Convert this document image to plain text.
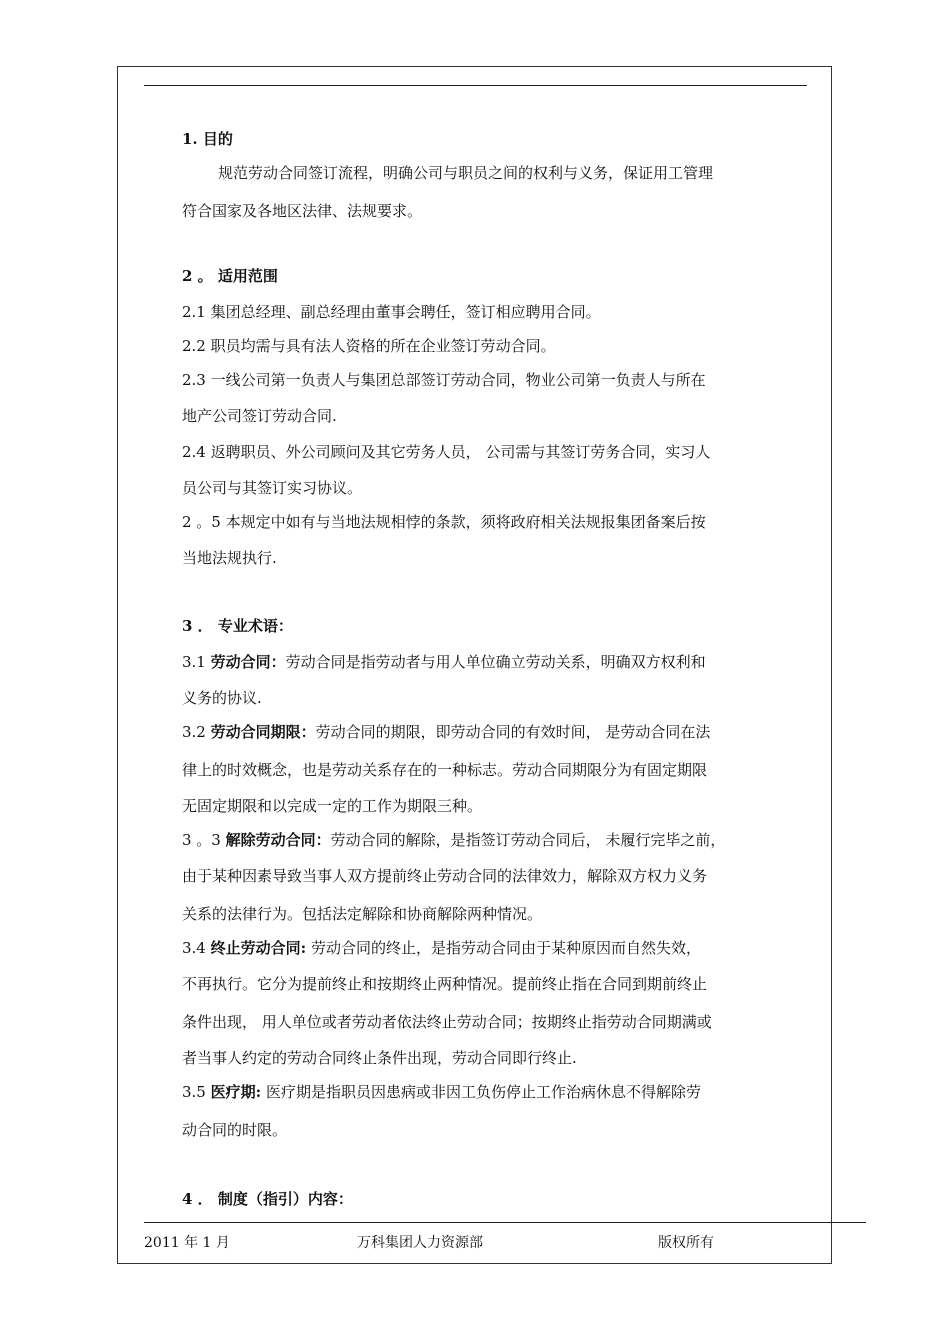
1. 目的
规范劳动合同签订流程，明确公司与职员之间的权利与义务，保证用工管理
符合国家及各地区法律、法规要求。
2 。 适用范围
2.1 集团总经理、副总经理由董事会聘任，签订相应聘用合同。
2.2 职员均需与具有法人资格的所在企业签订劳动合同。
2.3 一线公司第一负责人与集团总部签订劳动合同，物业公司第一负责人与所在
地产公司签订劳动合同.
2.4 返聘职员、外公司顾问及其它劳务人员， 公司需与其签订劳务合同，实习人
员公司与其签订实习协议。
2 。5 本规定中如有与当地法规相悖的条款，须将政府相关法规报集团备案后按
当地法规执行.
3 ． 专业术语：
3.1 劳动合同：劳动合同是指劳动者与用人单位确立劳动关系，明确双方权利和
义务的协议.
3.2 劳动合同期限：劳动合同的期限，即劳动合同的有效时间， 是劳动合同在法
律上的时效概念，也是劳动关系存在的一种标志。劳动合同期限分为有固定期限
无固定期限和以完成一定的工作为期限三种。
3 。3 解除劳动合同：劳动合同的解除，是指签订劳动合同后， 未履行完毕之前，
由于某种因素导致当事人双方提前终止劳动合同的法律效力，解除双方权力义务
关系的法律行为。包括法定解除和协商解除两种情况。
3.4 终止劳动合同: 劳动合同的终止，是指劳动合同由于某种原因而自然失效，
不再执行。它分为提前终止和按期终止两种情况。提前终止指在合同到期前终止
条件出现， 用人单位或者劳动者依法终止劳动合同；按期终止指劳动合同期满或
者当事人约定的劳动合同终止条件出现，劳动合同即行终止.
3.5 医疗期: 医疗期是指职员因患病或非因工负伤停止工作治病休息不得解除劳
动合同的时限。
4 ． 制度（指引）内容：
2011 年 1 月	万科集团人力资源部	版权所有
